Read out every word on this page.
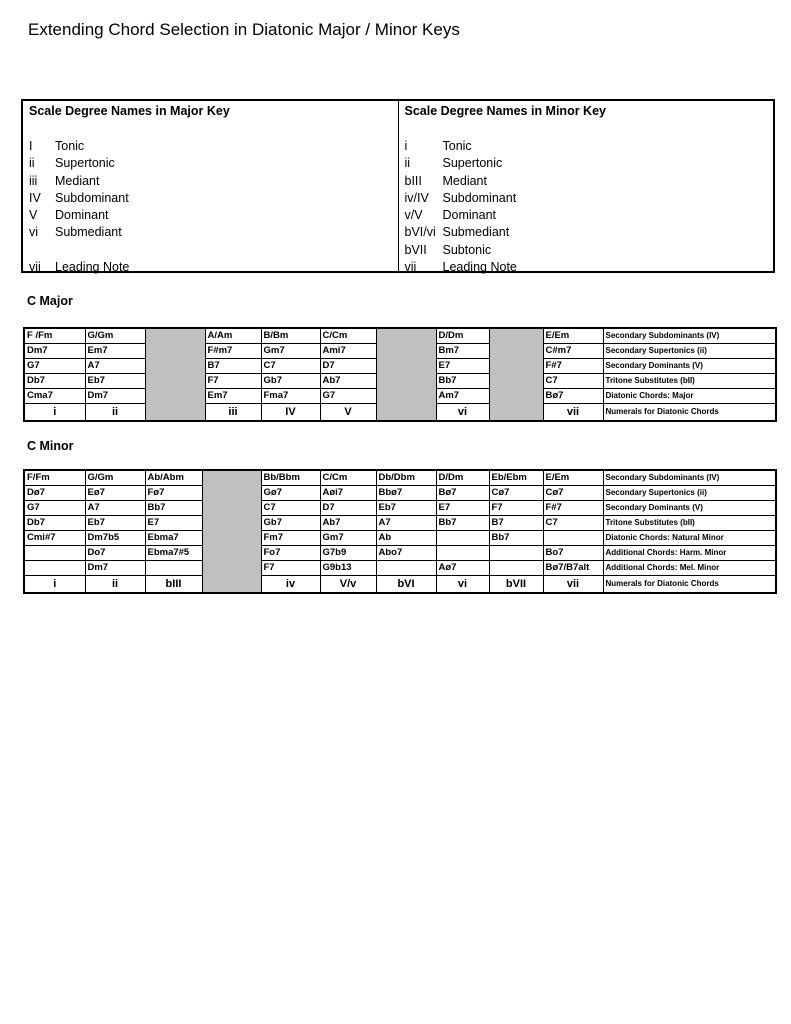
Extending Chord Selection in Diatonic Major / Minor Keys
Scale Degree Names in Major Key
I	Tonic
ii	Supertonic
iii	Mediant
IV	Subdominant
V	Dominant
vi	Submediant
vii	Leading Note
Scale Degree Names in Minor Key
i	Tonic
ii	Supertonic
bIII	Mediant
iv/IV	Subdominant
v/V	Dominant
bVI/vi Submediant
bVII	Subtonic
vii	Leading Note
C Major
F /Fm	G/Gm		A/Am	B/Bm	C/Cm		D/Dm		E/Em	Secondary Subdominants (IV)
Dm7	Em7		F#m7	Gm7	Ami7		Bm7		C#m7	Secondary Supertonics (ii)
G7	A7		B7	C7	D7		E7		F#7	Secondary Dominants (V)
Db7	Eb7		F7	Gb7	Ab7		Bb7		C7	Tritone Substitutes (bII)
Cma7	Dm7		Em7	Fma7	G7		Am7		Bø7	Diatonic Chords: Major
i	ii		iii	IV	V		vi		vii	Numerals for Diatonic Chords
C Minor
F/Fm	G/Gm	Ab/Abm		Bb/Bbm	C/Cm	Db/Dbm	D/Dm	Eb/Ebm	E/Em	Secondary Subdominants (IV)
Dø7	Eø7	Fø7		Gø7	Aøi7	Bbø7	Bø7	Cø7	Cø7	Secondary Supertonics (ii)
G7	A7	Bb7		C7	D7	Eb7	E7	F7	F#7	Secondary Dominants (V)
Db7	Eb7	E7		Gb7	Ab7	A7	Bb7	B7	C7	Tritone Substitutes (bII)
Cmi#7	Dm7b5	Ebma7		Fm7	Gm7	Ab		Bb7		Diatonic Chords: Natural Minor
	Do7	Ebma7#5		Fo7	G7b9	Abo7			Bo7	Additional Chords: Harm. Minor
	Dm7			F7	G9b13		Aø7		Bø7/B7alt	Additional Chords: Mel. Minor
i	ii	bIII		iv	V/v	bVI	vi	bVII	vii	Numerals for Diatonic Chords
